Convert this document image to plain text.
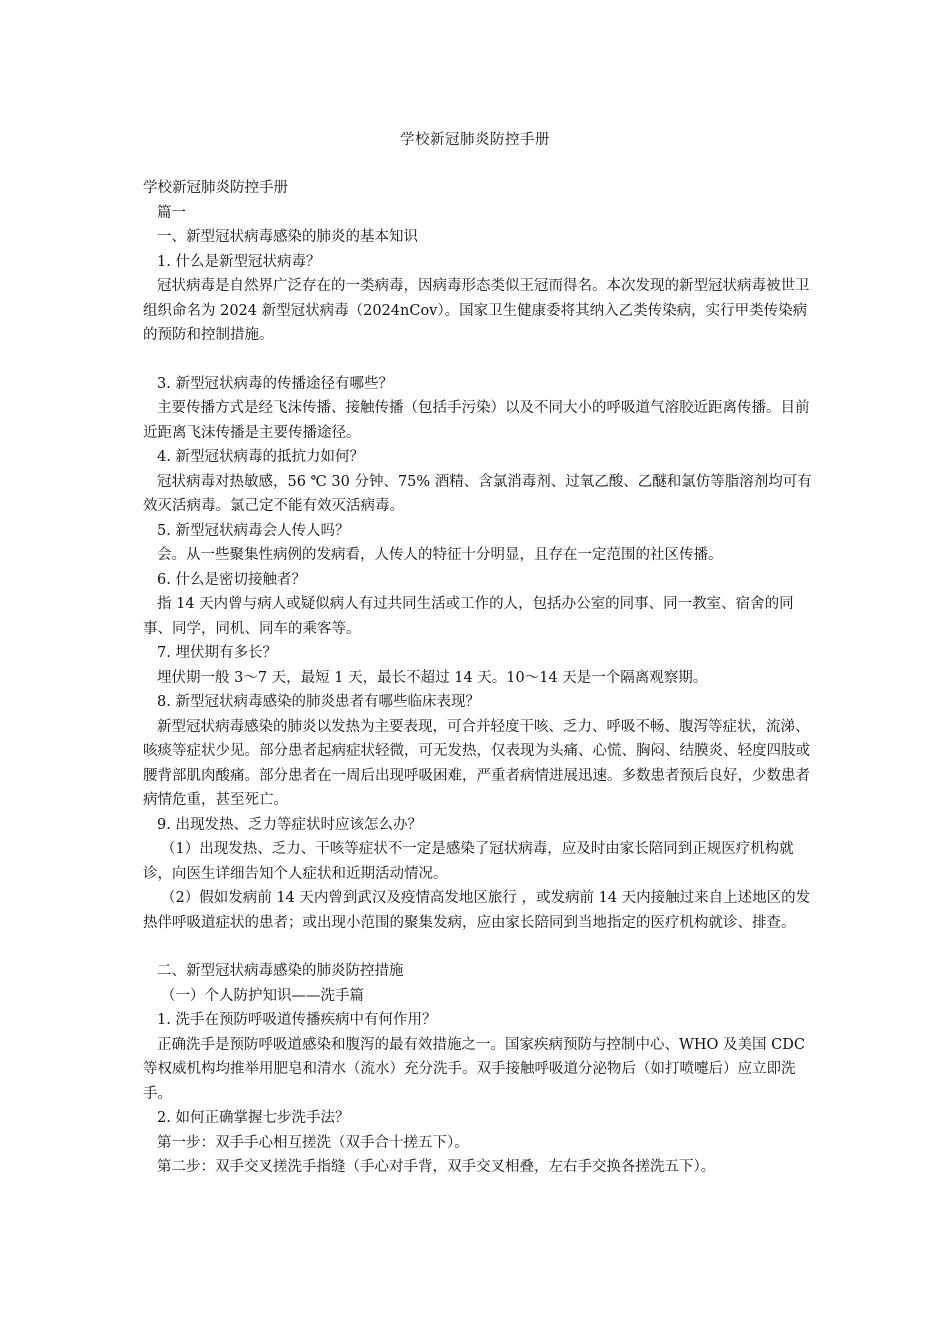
学校新冠肺炎防控手册

学校新冠肺炎防控手册

篇一

一、新型冠状病毒感染的肺炎的基本知识

1. 什么是新型冠状病毒？

冠状病毒是自然界广泛存在的一类病毒，因病毒形态类似王冠而得名。本次发现的新型冠状病毒被世卫组织命名为 2024 新型冠状病毒（2024nCov）。国家卫生健康委将其纳入乙类传染病，实行甲类传染病的预防和控制措施。

3. 新型冠状病毒的传播途径有哪些？

主要传播方式是经飞沫传播、接触传播（包括手污染）以及不同大小的呼吸道气溶胶近距离传播。目前近距离飞沫传播是主要传播途径。

4. 新型冠状病毒的抵抗力如何？

冠状病毒对热敏感，56 ℃ 30 分钟、75% 酒精、含氯消毒剂、过氧乙酸、乙醚和氯仿等脂溶剂均可有效灭活病毒。氯己定不能有效灭活病毒。

5. 新型冠状病毒会人传人吗？

会。从一些聚集性病例的发病看，人传人的特征十分明显，且存在一定范围的社区传播。

6. 什么是密切接触者？

指 14 天内曾与病人或疑似病人有过共同生活或工作的人，包括办公室的同事、同一教室、宿舍的同事、同学，同机、同车的乘客等。

7. 埋伏期有多长？

埋伏期一般 3～7 天，最短 1 天，最长不超过 14 天。10～14 天是一个隔离观察期。

8. 新型冠状病毒感染的肺炎患者有哪些临床表现？

新型冠状病毒感染的肺炎以发热为主要表现，可合并轻度干咳、乏力、呼吸不畅、腹泻等症状，流涕、咳痰等症状少见。部分患者起病症状轻微，可无发热，仅表现为头痛、心慌、胸闷、结膜炎、轻度四肢或腰背部肌肉酸痛。部分患者在一周后出现呼吸困难，严重者病情进展迅速。多数患者预后良好，少数患者病情危重，甚至死亡。

9. 出现发热、乏力等症状时应该怎么办？

（1）出现发热、乏力、干咳等症状不一定是感染了冠状病毒，应及时由家长陪同到正规医疗机构就诊，向医生详细告知个人症状和近期活动情况。

（2）假如发病前 14 天内曾到武汉及疫情高发地区旅行 ，或发病前 14 天内接触过来自上述地区的发热伴呼吸道症状的患者；或出现小范围的聚集发病，应由家长陪同到当地指定的医疗机构就诊、排查。

二、新型冠状病毒感染的肺炎防控措施

（一）个人防护知识——洗手篇

1. 洗手在预防呼吸道传播疾病中有何作用？

正确洗手是预防呼吸道感染和腹泻的最有效措施之一。国家疾病预防与控制中心、WHO 及美国 CDC 等权威机构均推举用肥皂和清水（流水）充分洗手。双手接触呼吸道分泌物后（如打喷嚏后）应立即洗手。

2. 如何正确掌握七步洗手法？

第一步：双手手心相互搓洗（双手合十搓五下）。

第二步：双手交叉搓洗手指缝（手心对手背，双手交叉相叠，左右手交换各搓洗五下）。
